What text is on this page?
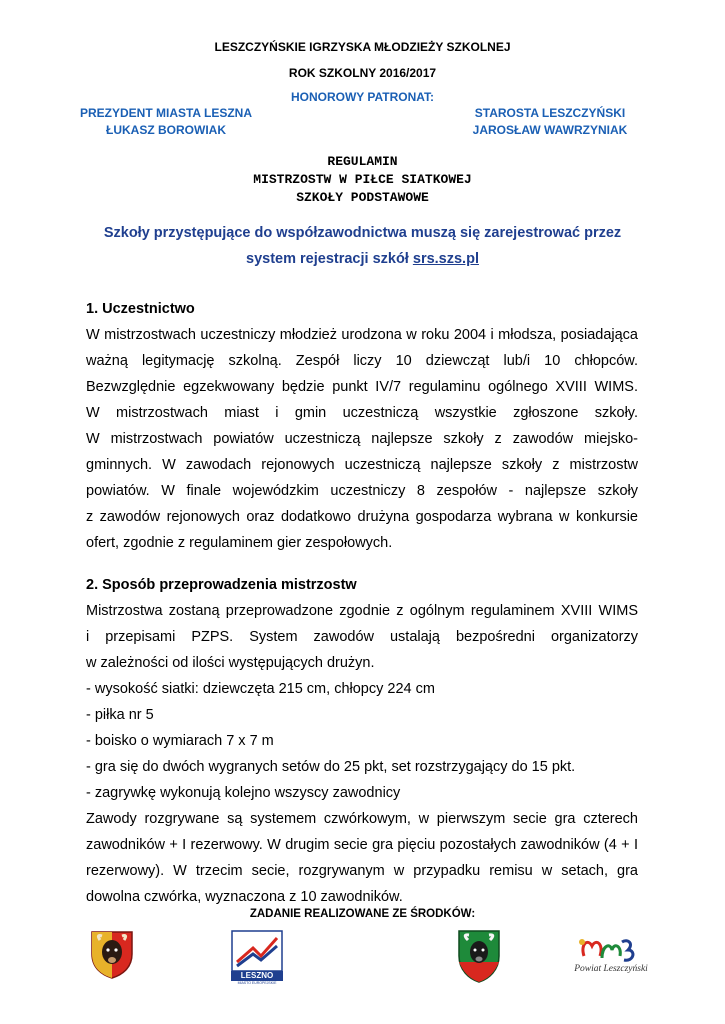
LESZCZYŃSKIE IGRZYSKA MŁODZIEŻY SZKOLNEJ
ROK SZKOLNY 2016/2017
HONOROWY PATRONAT:
PREZYDENT MIASTA LESZNA
ŁUKASZ BOROWIAK
STAROSTA LESZCZYŃSKI
JAROSŁAW WAWRZYNIAK
REGULAMIN
MISTRZOSTW W PIŁCE SIATKOWEJ
SZKOŁY PODSTAWOWE
Szkoły przystępujące do współzawodnictwa muszą się zarejestrować przez
system rejestracji szkół srs.szs.pl
1. Uczestnictwo
W mistrzostwach uczestniczy młodzież urodzona w roku 2004 i młodsza, posiadająca
ważną legitymację szkolną. Zespół liczy 10 dziewcząt lub/i 10 chłopców.
Bezwzględnie egzekwowany będzie punkt IV/7 regulaminu ogólnego XVIII WIMS.
W mistrzostwach miast i gmin uczestniczą wszystkie zgłoszone szkoły.
W mistrzostwach powiatów uczestniczą najlepsze szkoły z zawodów miejsko-
gminnych. W zawodach rejonowych uczestniczą najlepsze szkoły z mistrzostw
powiatów. W finale wojewódzkim uczestniczy 8 zespołów - najlepsze szkoły
z zawodów rejonowych oraz dodatkowo drużyna gospodarza wybrana w konkursie
ofert, zgodnie z regulaminem gier zespołowych.
2. Sposób przeprowadzenia mistrzostw
Mistrzostwa zostaną przeprowadzone zgodnie z ogólnym regulaminem XVIII WIMS
i przepisami PZPS. System zawodów ustalają bezpośredni organizatorzy
w zależności od ilości występujących drużyn.
- wysokość siatki: dziewczęta 215 cm, chłopcy 224 cm
- piłka nr 5
- boisko o wymiarach 7 x 7 m
- gra się do dwóch wygranych setów do 25 pkt, set rozstrzygający do 15 pkt.
- zagrywkę wykonują kolejno wszyscy zawodnicy
Zawody rozgrywane są systemem czwórkowym, w pierwszym secie gra czterech
zawodników + I rezerwowy. W drugim secie gra pięciu pozostałych zawodników (4 + I
rezerwowy). W trzecim secie, rozgrywanym w przypadku remisu w setach, gra
dowolna czwórka, wyznaczona z 10 zawodników.
ZADANIE REALIZOWANE ZE ŚRODKÓW:
LESZNO
MIASTO EUROPEJSKIE
Powiat Leszczyński
